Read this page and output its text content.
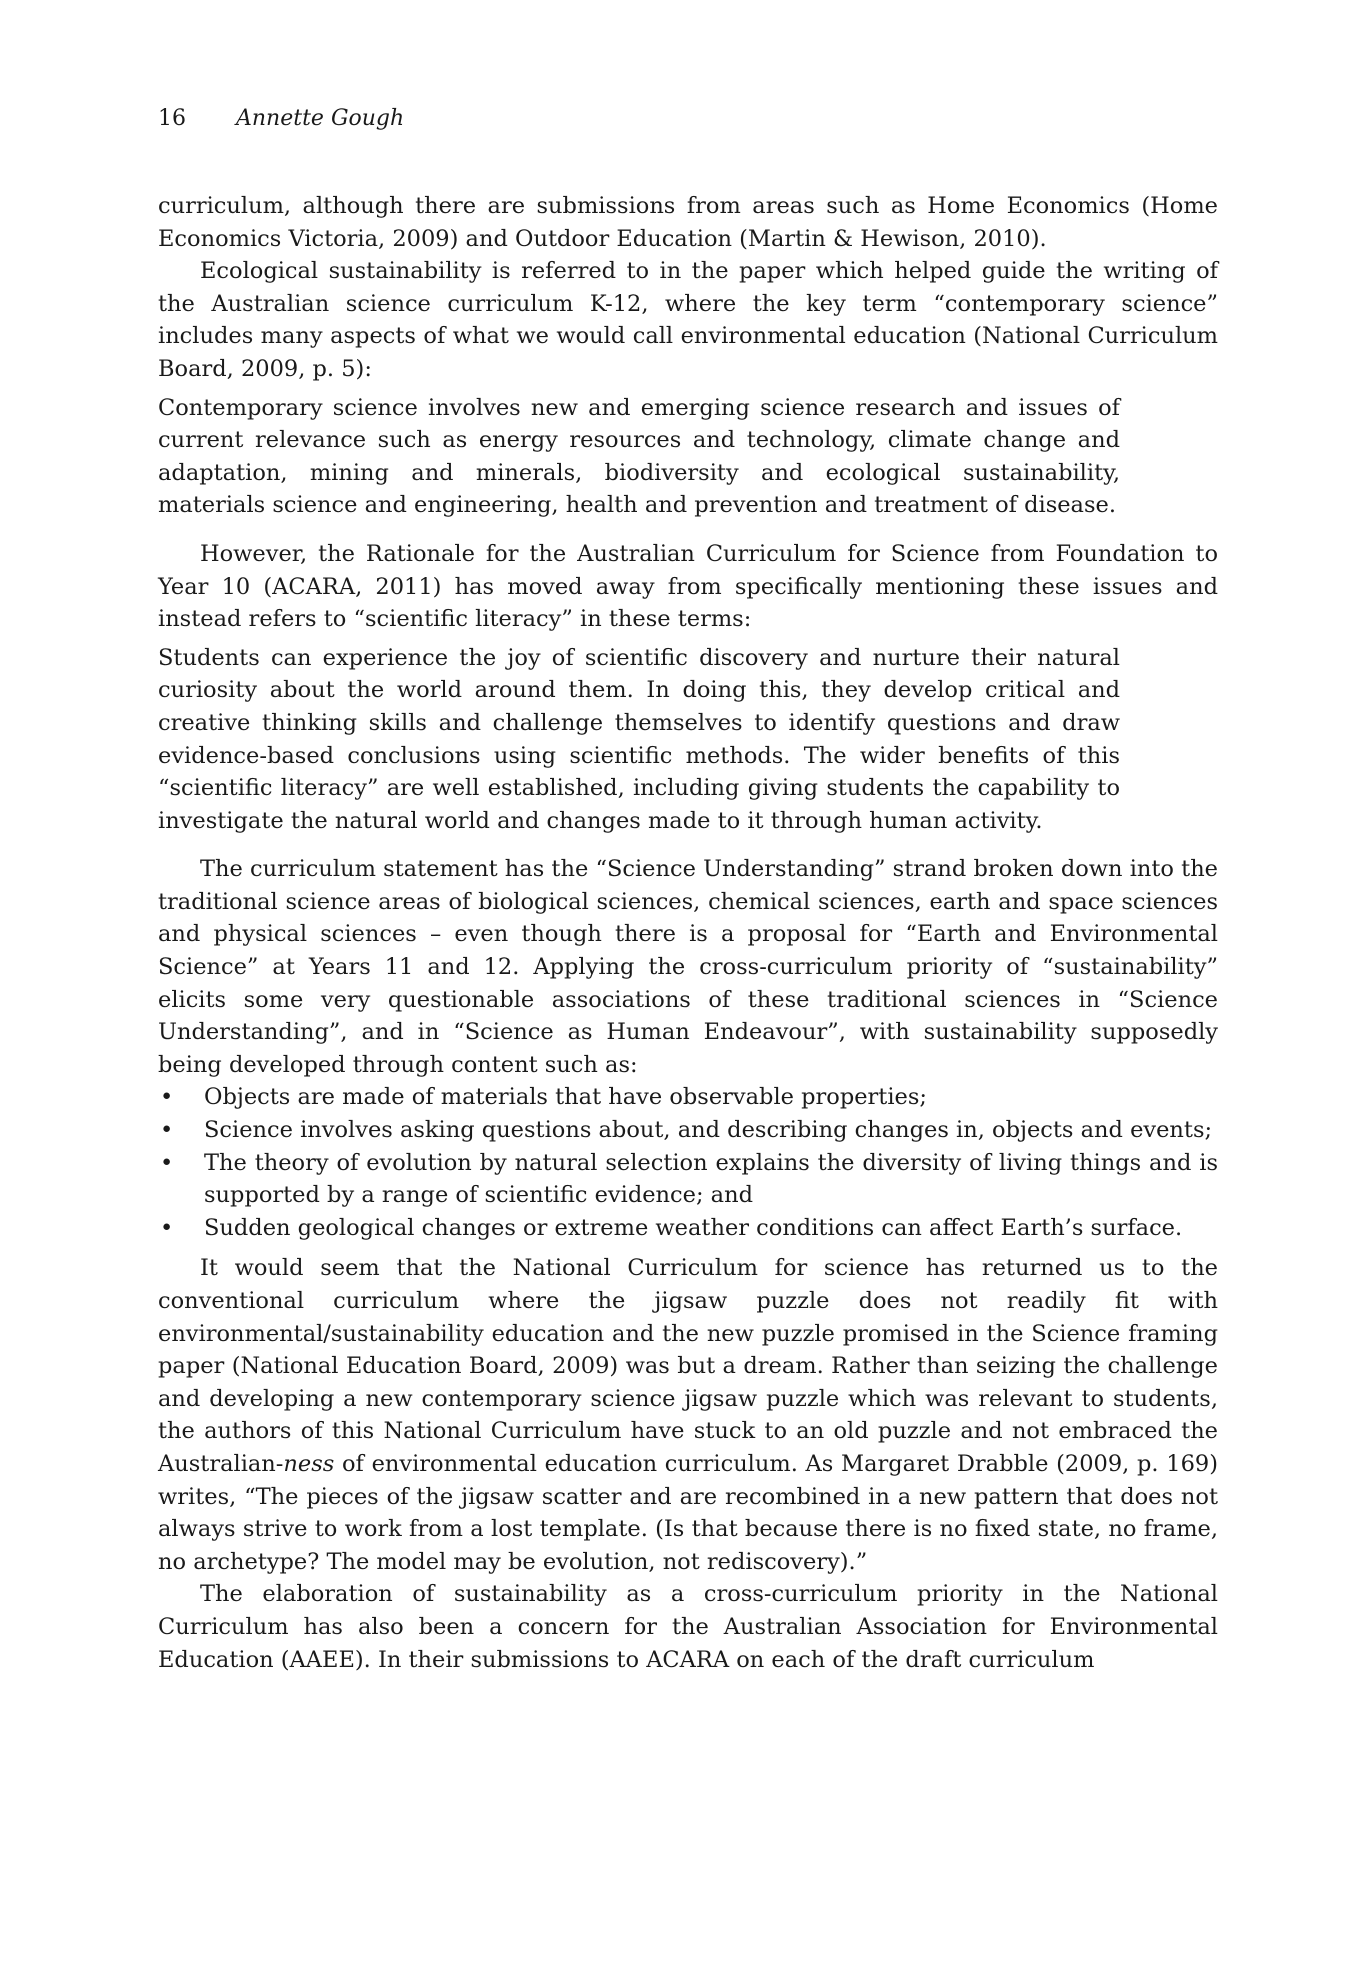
16 Annette Gough

curriculum, although there are submissions from areas such as Home Economics (Home Economics Victoria, 2009) and Outdoor Education (Martin & Hewison, 2010).

Ecological sustainability is referred to in the paper which helped guide the writing of the Australian science curriculum K-12, where the key term “contemporary science” includes many aspects of what we would call environmental education (National Curriculum Board, 2009, p. 5):

Contemporary science involves new and emerging science research and issues of current relevance such as energy resources and technology, climate change and adaptation, mining and minerals, biodiversity and ecological sustainability, materials science and engineering, health and prevention and treatment of disease.

However, the Rationale for the Australian Curriculum for Science from Foundation to Year 10 (ACARA, 2011) has moved away from specifically mentioning these issues and instead refers to “scientific literacy” in these terms:

Students can experience the joy of scientific discovery and nurture their natural curiosity about the world around them. In doing this, they develop critical and creative thinking skills and challenge themselves to identify questions and draw evidence-based conclusions using scientific methods. The wider benefits of this “scientific literacy” are well established, including giving students the capability to investigate the natural world and changes made to it through human activity.

The curriculum statement has the “Science Understanding” strand broken down into the traditional science areas of biological sciences, chemical sciences, earth and space sciences and physical sciences – even though there is a proposal for “Earth and Environmental Science” at Years 11 and 12. Applying the cross-curriculum priority of “sustainability” elicits some very questionable associations of these traditional sciences in “Science Understanding”, and in “Science as Human Endeavour”, with sustainability supposedly being developed through content such as:

• Objects are made of materials that have observable properties;
• Science involves asking questions about, and describing changes in, objects and events;
• The theory of evolution by natural selection explains the diversity of living things and is supported by a range of scientific evidence; and
• Sudden geological changes or extreme weather conditions can affect Earth’s surface.

It would seem that the National Curriculum for science has returned us to the conventional curriculum where the jigsaw puzzle does not readily fit with environmental/sustainability education and the new puzzle promised in the Science framing paper (National Education Board, 2009) was but a dream. Rather than seizing the challenge and developing a new contemporary science jigsaw puzzle which was relevant to students, the authors of this National Curriculum have stuck to an old puzzle and not embraced the Australian-ness of environmental education curriculum. As Margaret Drabble (2009, p. 169) writes, “The pieces of the jigsaw scatter and are recombined in a new pattern that does not always strive to work from a lost template. (Is that because there is no fixed state, no frame, no archetype? The model may be evolution, not rediscovery).”

The elaboration of sustainability as a cross-curriculum priority in the National Curriculum has also been a concern for the Australian Association for Environmental Education (AAEE). In their submissions to ACARA on each of the draft curriculum
